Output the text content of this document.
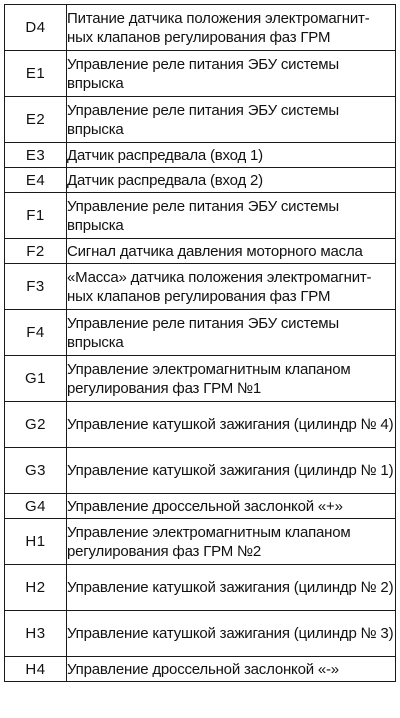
D4	Питание датчика положения электромагнит-ных клапанов регулирования фаз ГРМ
E1	Управление реле питания ЭБУ системы впрыска
E2	Управление реле питания ЭБУ системы впрыска
E3	Датчик распредвала (вход 1)
E4	Датчик распредвала (вход 2)
F1	Управление реле питания ЭБУ системы впрыска
F2	Сигнал датчика давления моторного масла
F3	«Масса» датчика положения электромагнит-ных клапанов регулирования фаз ГРМ
F4	Управление реле питания ЭБУ системы впрыска
G1	Управление электромагнитным клапаном регулирования фаз ГРМ №1
G2	Управление катушкой зажигания (цилиндр № 4)
G3	Управление катушкой зажигания (цилиндр № 1)
G4	Управление дроссельной заслонкой «+»
H1	Управление электромагнитным клапаном регулирования фаз ГРМ №2
H2	Управление катушкой зажигания (цилиндр № 2)
H3	Управление катушкой зажигания (цилиндр № 3)
H4	Управление дроссельной заслонкой «-»
